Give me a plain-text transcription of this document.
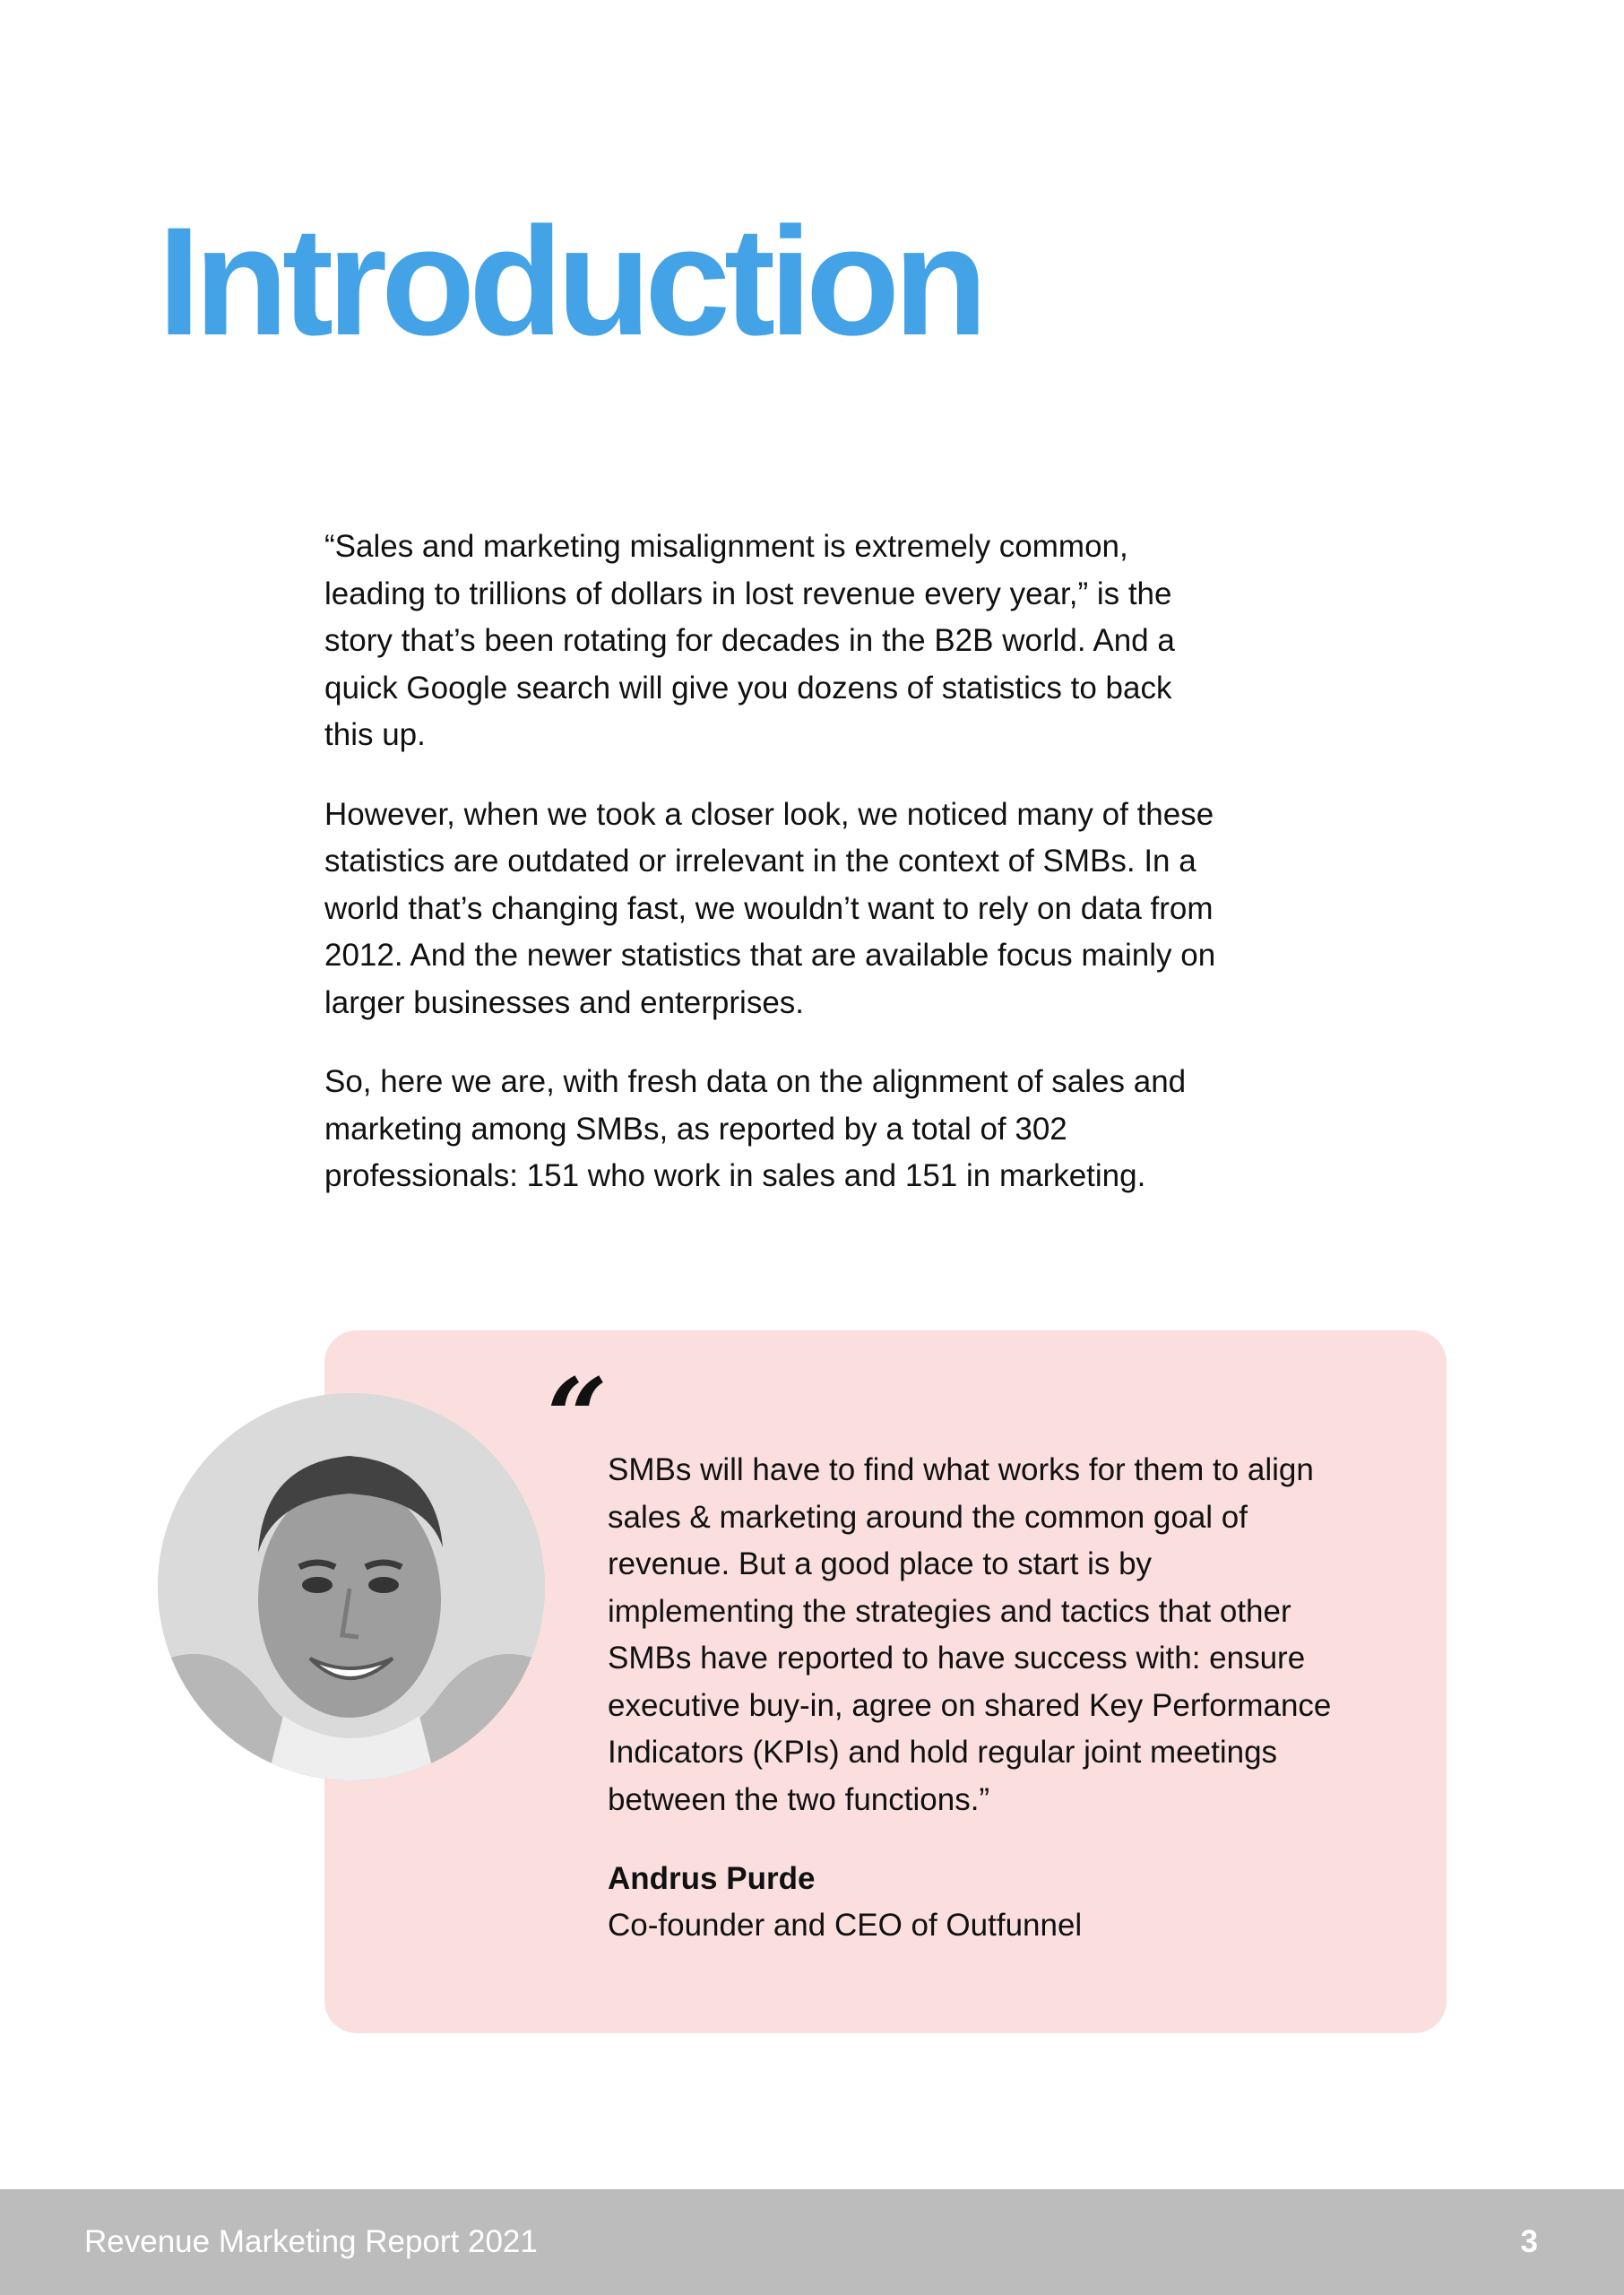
Introduction

“Sales and marketing misalignment is extremely common,
leading to trillions of dollars in lost revenue every year,” is the
story that’s been rotating for decades in the B2B world. And a
quick Google search will give you dozens of statistics to back
this up.

However, when we took a closer look, we noticed many of these
statistics are outdated or irrelevant in the context of SMBs. In a
world that’s changing fast, we wouldn’t want to rely on data from
2012. And the newer statistics that are available focus mainly on
larger businesses and enterprises.

So, here we are, with fresh data on the alignment of sales and
marketing among SMBs, as reported by a total of 302
professionals: 151 who work in sales and 151 in marketing.

“ SMBs will have to find what works for them to align
sales & marketing around the common goal of
revenue. But a good place to start is by
implementing the strategies and tactics that other
SMBs have reported to have success with: ensure
executive buy-in, agree on shared Key Performance
Indicators (KPIs) and hold regular joint meetings
between the two functions.”

Andrus Purde
Co-founder and CEO of Outfunnel
Revenue Marketing Report 2021	3
